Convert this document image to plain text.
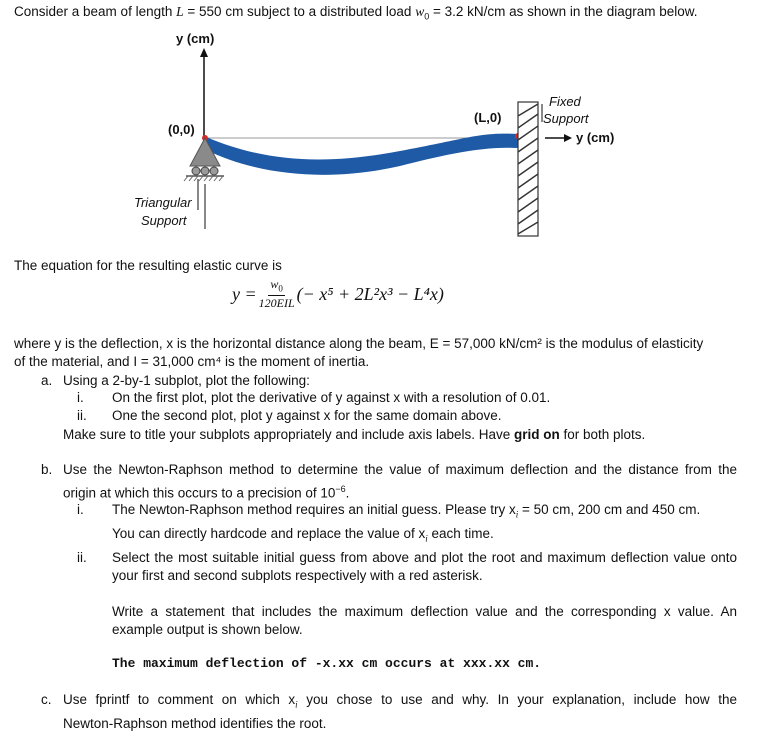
Consider a beam of length L = 550 cm subject to a distributed load $w_0 = 3.2$ kN/cm as shown in the diagram below.
y (cm)
(0,0)
(L,0)
Fixed
Support
y (cm)
Triangular
Support
The equation for the resulting elastic curve is
$y = \frac{w_0}{\text{120EIL}}$ (− x⁵ + 2L²x³ − L⁴x)
where y is the deflection, x is the horizontal distance along the beam, E = 57,000 kN/cm² is the modulus of elasticity
of the material, and I = 31,000 cm⁴ is the moment of inertia.
a. Using a 2-by-1 subplot, plot the following:
i. On the first plot, plot the derivative of y against x with a resolution of 0.01.
ii. One the second plot, plot y against x for the same domain above.
Make sure to title your subplots appropriately and include axis labels. Have grid on for both plots.
b. Use the Newton-Raphson method to determine the value of maximum deflection and the distance from the
origin at which this occurs to a precision of $10^{-6}$.
i. The Newton-Raphson method requires an initial guess. Please try $x_i = 50$ cm, 200 cm and 450 cm.
You can directly hardcode and replace the value of $x_i$ each time.
ii. Select the most suitable initial guess from above and plot the root and maximum deflection value onto
your first and second subplots respectively with a red asterisk.
Write a statement that includes the maximum deflection value and the corresponding x value. An
example output is shown below.
The maximum deflection of -x.xx cm occurs at xxx.xx cm.
c. Use fprintf to comment on which $x_i$ you chose to use and why. In your explanation, include how the
Newton-Raphson method identifies the root.
